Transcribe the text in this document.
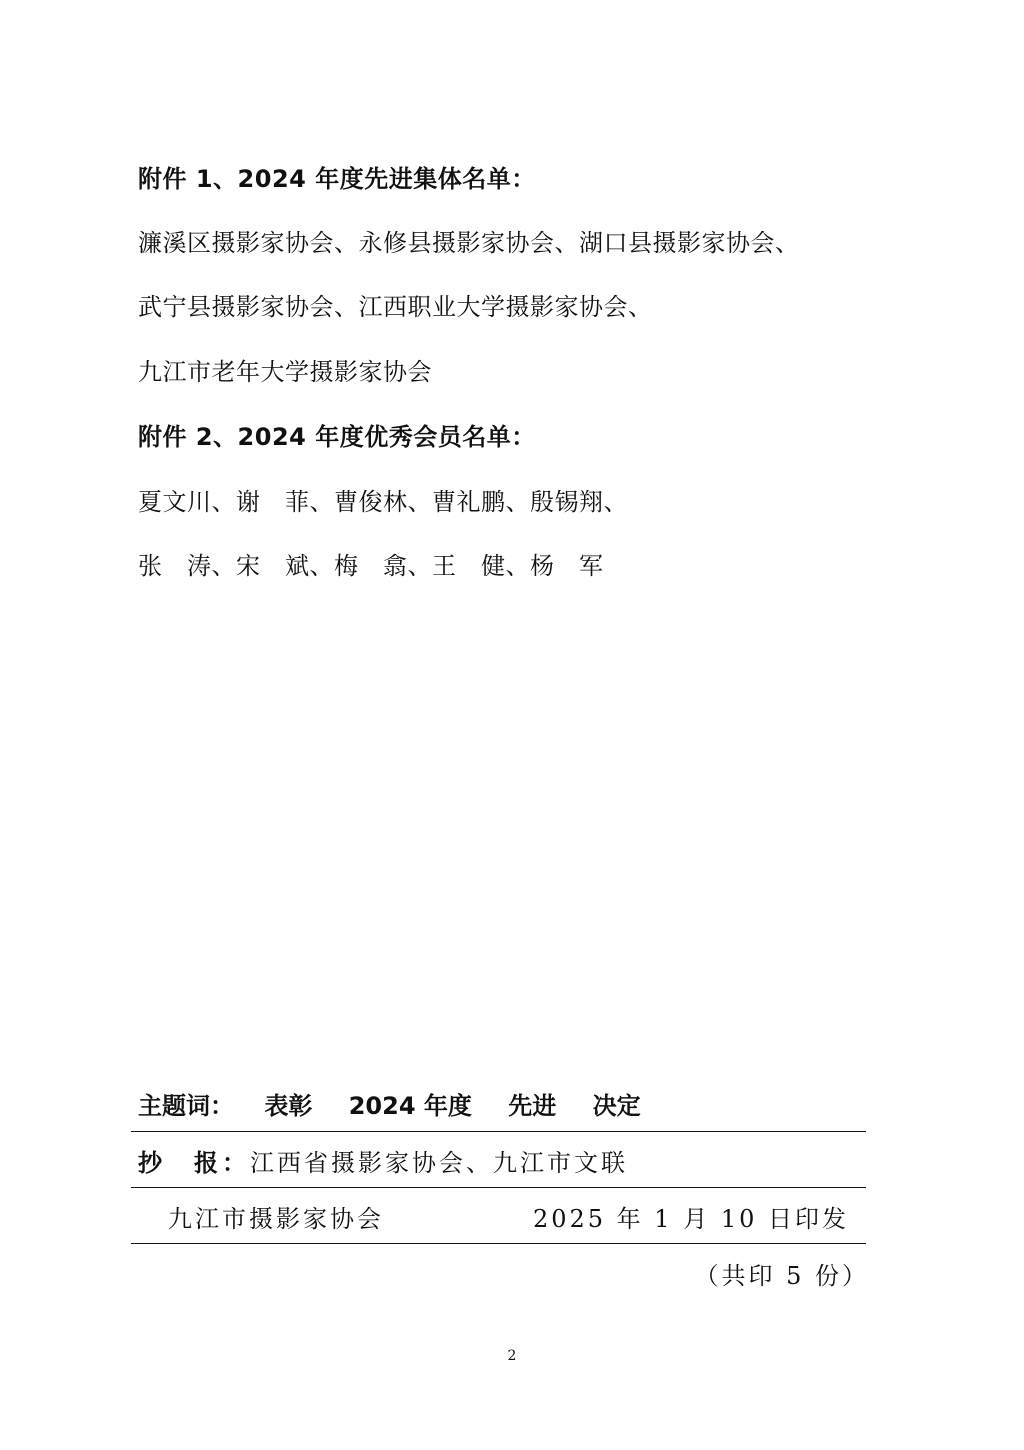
附件 1、2024 年度先进集体名单：
濂溪区摄影家协会、永修县摄影家协会、湖口县摄影家协会、
武宁县摄影家协会、江西职业大学摄影家协会、
九江市老年大学摄影家协会
附件 2、2024 年度优秀会员名单：
夏文川、谢　菲、曹俊林、曹礼鹏、殷锡翔、
张　涛、宋　斌、梅　翕、王　健、杨　军
主题词： 表彰 2024 年度 先进 决定
抄　报：江西省摄影家协会、九江市文联
九江市摄影家协会	2025 年 1 月 10 日印发
（共印 5 份）
2
